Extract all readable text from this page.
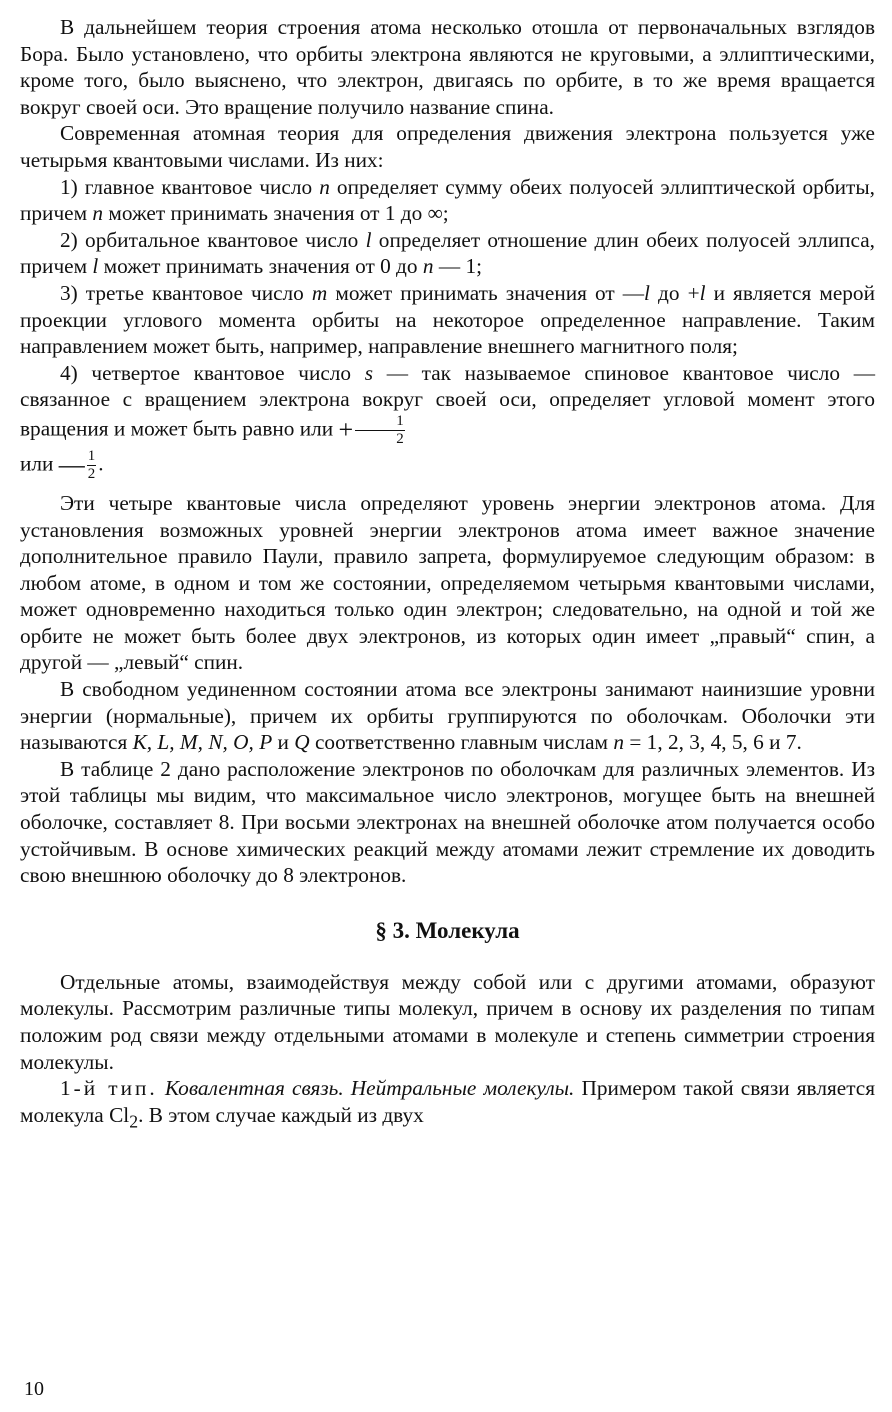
В дальнейшем теория строения атома несколько отошла от первоначальных взглядов Бора. Было установлено, что орбиты электрона являются не круговыми, а эллиптическими, кроме того, было выяснено, что электрон, двигаясь по орбите, в то же время вращается вокруг своей оси. Это вращение получило название спина.

Современная атомная теория для определения движения электрона пользуется уже четырьмя квантовыми числами. Из них:

1) главное квантовое число n определяет сумму обеих полуосей эллиптической орбиты, причем n может принимать значения от 1 до ∞;

2) орбитальное квантовое число l определяет отношение длин обеих полуосей эллипса, причем l может принимать значения от 0 до n — 1;

3) третье квантовое число m может принимать значения от —l до +l и является мерой проекции углового момента орбиты на некоторое определенное направление. Таким направлением может быть, например, направление внешнего магнитного поля;

4) четвертое квантовое число s — так называемое спиновое квантовое число — связанное с вращением электрона вокруг своей оси, определяет угловой момент этого вращения и может быть равно или + $\frac{1}{2}$

или — $\frac{1}{2}$ .

Эти четыре квантовые числа определяют уровень энергии электронов атома. Для установления возможных уровней энергии электронов атома имеет важное значение дополнительное правило Паули, правило запрета, формулируемое следующим образом: в любом атоме, в одном и том же состоянии, определяемом четырьмя квантовыми числами, может одновременно находиться только один электрон; следовательно, на одной и той же орбите не может быть более двух электронов, из которых один имеет „правый“ спин, а другой — „левый“ спин.

В свободном уединенном состоянии атома все электроны занимают наинизшие уровни энергии (нормальные), причем их орбиты группируются по оболочкам. Оболочки эти называются K, L, M, N, O, P и Q соответственно главным числам n = 1, 2, 3, 4, 5, 6 и 7.

В таблице 2 дано расположение электронов по оболочкам для различных элементов. Из этой таблицы мы видим, что максимальное число электронов, могущее быть на внешней оболочке, составляет 8. При восьми электронах на внешней оболочке атом получается особо устойчивым. В основе химических реакций между атомами лежит стремление их доводить свою внешнюю оболочку до 8 электронов.

§ 3. Молекула

Отдельные атомы, взаимодействуя между собой или с другими атомами, образуют молекулы. Рассмотрим различные типы молекул, причем в основу их разделения по типам положим род связи между отдельными атомами в молекуле и степень симметрии строения молекулы.

1-й тип. Ковалентная связь. Нейтральные молекулы. Примером такой связи является молекула $Cl_2$. В этом случае каждый из двух

10
